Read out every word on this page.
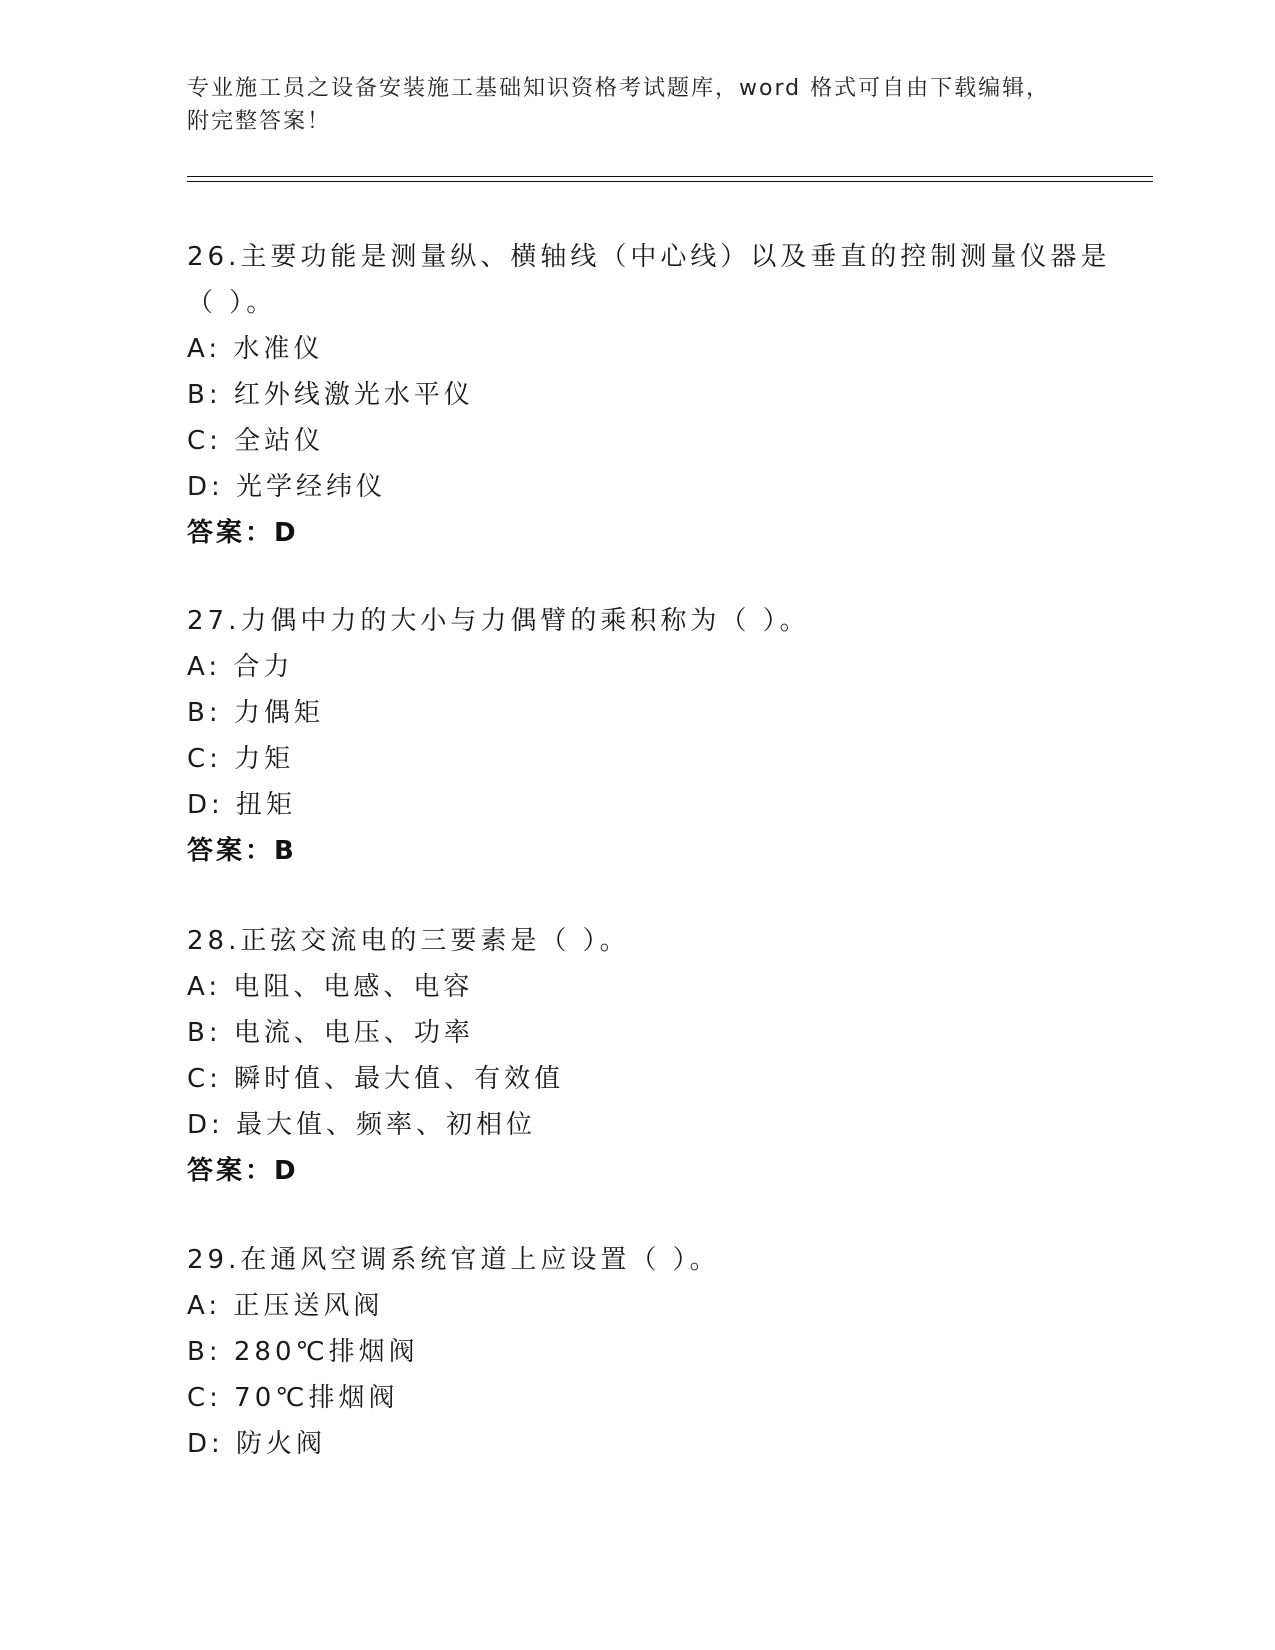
专业施工员之设备安装施工基础知识资格考试题库，word 格式可自由下载编辑，
附完整答案！
26.主要功能是测量纵、横轴线（中心线）以及垂直的控制测量仪器是
（ ）。
A: 水准仪
B: 红外线激光水平仪
C: 全站仪
D: 光学经纬仪
答案：D
27.力偶中力的大小与力偶臂的乘积称为（ ）。
A: 合力
B: 力偶矩
C: 力矩
D: 扭矩
答案：B
28.正弦交流电的三要素是（ ）。
A: 电阻、电感、电容
B: 电流、电压、功率
C: 瞬时值、最大值、有效值
D: 最大值、频率、初相位
答案：D
29.在通风空调系统官道上应设置（ ）。
A: 正压送风阀
B: 280℃排烟阀
C: 70℃排烟阀
D: 防火阀
